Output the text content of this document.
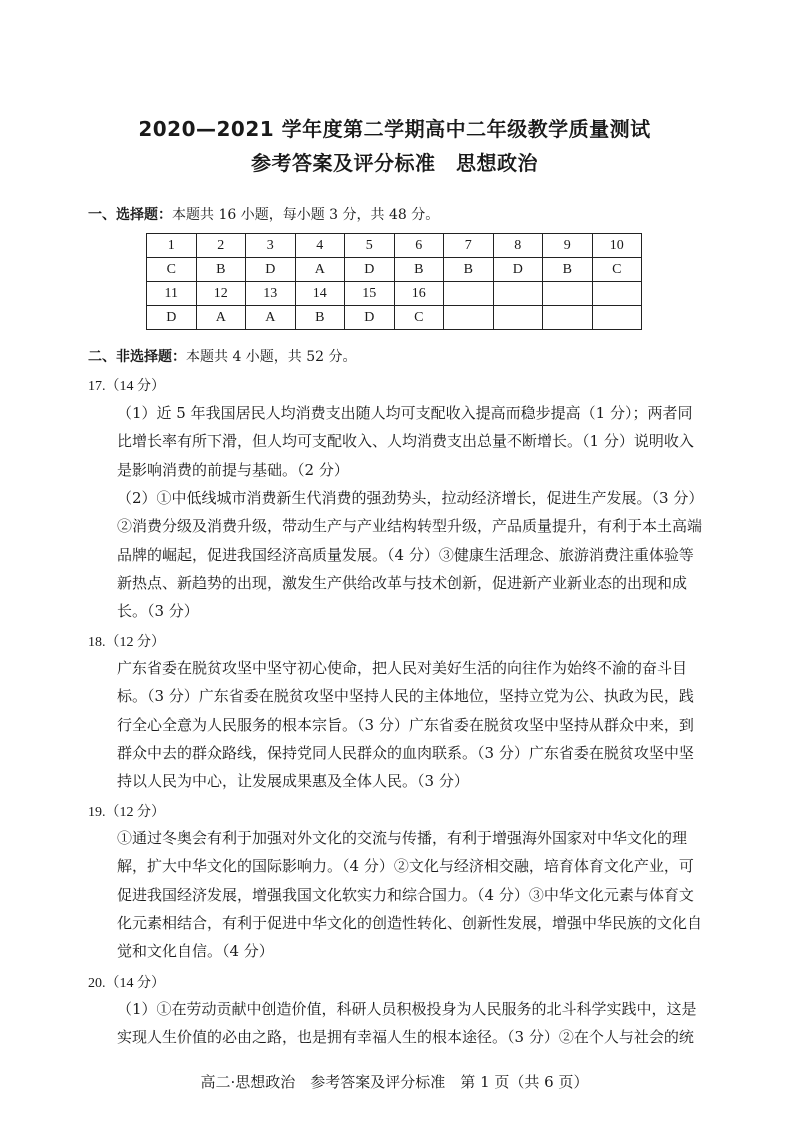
2020—2021 学年度第二学期高中二年级教学质量测试
参考答案及评分标准　思想政治
一、选择题：本题共 16 小题，每小题 3 分，共 48 分。
1	2	3	4	5	6	7	8	9	10
C	B	D	A	D	B	B	D	B	C
11	12	13	14	15	16				
D	A	A	B	D	C				
二、非选择题：本题共 4 小题，共 52 分。
17.（14 分）

（1）近 5 年我国居民人均消费支出随人均可支配收入提高而稳步提高（1 分）；两者同比增长率有所下滑，但人均可支配收入、人均消费支出总量不断增长。（1 分）说明收入是影响消费的前提与基础。（2 分）

（2）①中低线城市消费新生代消费的强劲势头，拉动经济增长，促进生产发展。（3 分）②消费分级及消费升级，带动生产与产业结构转型升级，产品质量提升，有利于本土高端品牌的崛起，促进我国经济高质量发展。（4 分）③健康生活理念、旅游消费注重体验等新热点、新趋势的出现，激发生产供给改革与技术创新，促进新产业新业态的出现和成长。（3 分）

18.（12 分）

广东省委在脱贫攻坚中坚守初心使命，把人民对美好生活的向往作为始终不渝的奋斗目标。（3 分）广东省委在脱贫攻坚中坚持人民的主体地位，坚持立党为公、执政为民，践行全心全意为人民服务的根本宗旨。（3 分）广东省委在脱贫攻坚中坚持从群众中来，到群众中去的群众路线，保持党同人民群众的血肉联系。（3 分）广东省委在脱贫攻坚中坚持以人民为中心，让发展成果惠及全体人民。（3 分）

19.（12 分）

①通过冬奥会有利于加强对外文化的交流与传播，有利于增强海外国家对中华文化的理解，扩大中华文化的国际影响力。（4 分）②文化与经济相交融，培育体育文化产业，可促进我国经济发展，增强我国文化软实力和综合国力。（4 分）③中华文化元素与体育文化元素相结合，有利于促进中华文化的创造性转化、创新性发展，增强中华民族的文化自觉和文化自信。（4 分）

20.（14 分）

（1）①在劳动贡献中创造价值，科研人员积极投身为人民服务的北斗科学实践中，这是实现人生价值的必由之路，也是拥有幸福人生的根本途径。（3 分）②在个人与社会的统

高二·思想政治　参考答案及评分标准　第 1 页（共 6 页）
